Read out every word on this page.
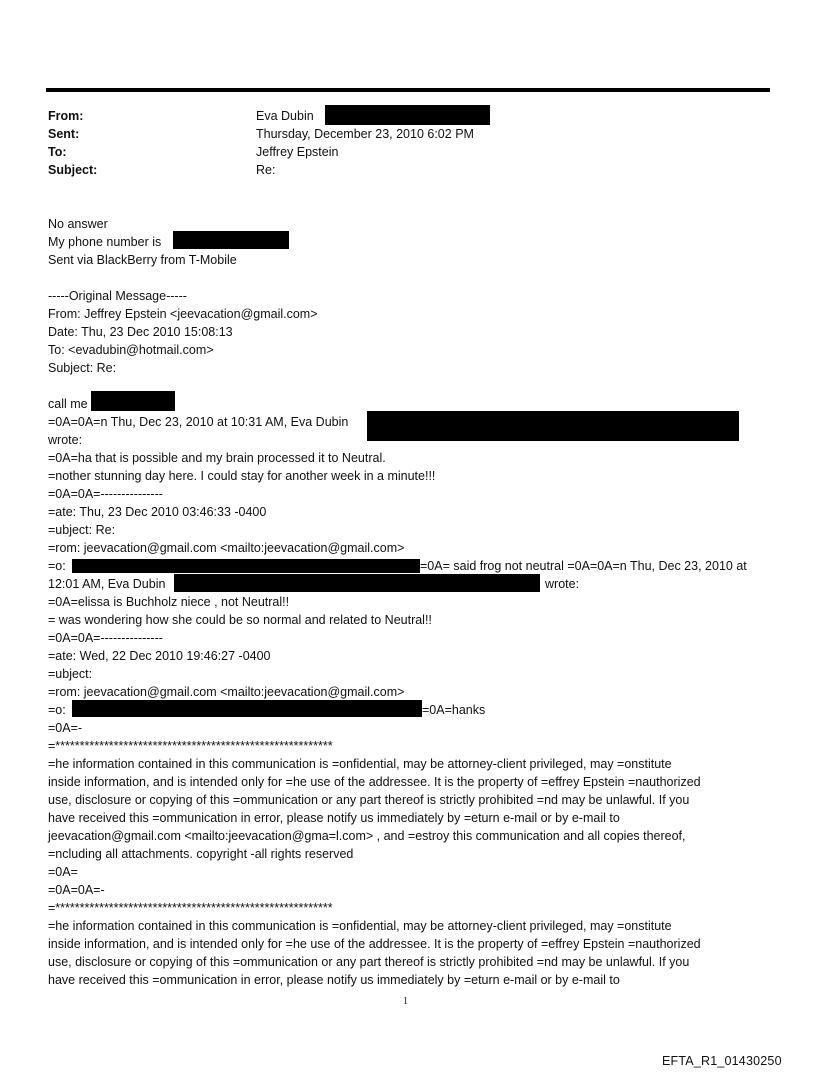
From:	Eva Dubin
Sent:	Thursday, December 23, 2010 6:02 PM
To:	Jeffrey Epstein
Subject:	Re:
No answer
My phone number is
Sent via BlackBerry from T-Mobile
-----Original Message-----
From: Jeffrey Epstein <jeevacation@gmail.com>
Date: Thu, 23 Dec 2010 15:08:13
To: <evadubin@hotmail.com>
Subject: Re:
call me
=0A=0A=n Thu, Dec 23, 2010 at 10:31 AM, Eva Dubin
wrote:
=0A=ha that is possible and my brain processed it to Neutral.
=nother stunning day here. I could stay for another week in a minute!!!
=0A=0A=---------------
=ate: Thu, 23 Dec 2010 03:46:33 -0400
=ubject: Re:
=rom: jeevacation@gmail.com <mailto:jeevacation@gmail.com>
=o:	=0A= said frog not neutral =0A=0A=n Thu, Dec 23, 2010 at
12:01 AM, Eva Dubin	wrote:
=0A=elissa is Buchholz niece , not Neutral!!
= was wondering how she could be so normal and related to Neutral!!
=0A=0A=---------------
=ate: Wed, 22 Dec 2010 19:46:27 -0400
=ubject:
=rom: jeevacation@gmail.com <mailto:jeevacation@gmail.com>
=o:	=0A=hanks
=0A=-
=*********************************************************
=he information contained in this communication is =onfidential, may be attorney-client privileged, may =onstitute
inside information, and is intended only for =he use of the addressee. It is the property of =effrey Epstein =nauthorized
use, disclosure or copying of this =ommunication or any part thereof is strictly prohibited =nd may be unlawful. If you
have received this =ommunication in error, please notify us immediately by =eturn e-mail or by e-mail to
jeevacation@gmail.com <mailto:jeevacation@gma=l.com> , and =estroy this communication and all copies thereof,
=ncluding all attachments. copyright -all rights reserved
=0A=
=0A=0A=-
=*********************************************************
=he information contained in this communication is =onfidential, may be attorney-client privileged, may =onstitute
inside information, and is intended only for =he use of the addressee. It is the property of =effrey Epstein =nauthorized
use, disclosure or copying of this =ommunication or any part thereof is strictly prohibited =nd may be unlawful. If you
have received this =ommunication in error, please notify us immediately by =eturn e-mail or by e-mail to
1
EFTA_R1_01430250
